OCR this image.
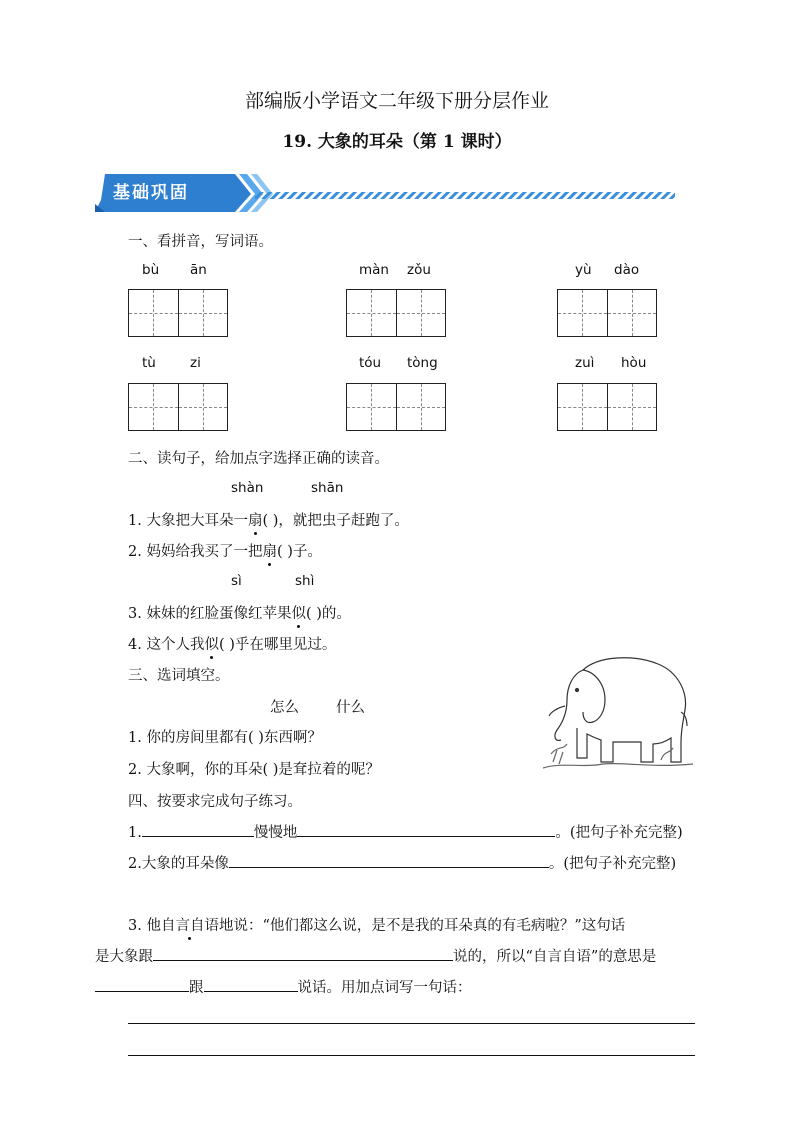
部编版小学语文二年级下册分层作业
19. 大象的耳朵（第 1 课时）
基础巩固
一、看拼音，写词语。
bù ān	màn zǒu	yù dào
tù	zi	tóu tòng	zuì hòu
二、读句子，给加点字选择正确的读音。
shàn	shān
1. 大象把大耳朵一扇( )，就把虫子赶跑了。
2. 妈妈给我买了一把扇( )子。
sì	shì
3. 妹妹的红脸蛋像红苹果似( )的。
4. 这个人我似( )乎在哪里见过。
三、选词填空。
怎么	什么
1. 你的房间里都有( )东西啊？
2. 大象啊，你的耳朵( )是耷拉着的呢？
四、按要求完成句子练习。
1.	慢慢地	。(把句子补充完整)
2.大象的耳朵像	。(把句子补充完整)
3. 他自言自语地说：“他们都这么说，是不是我的耳朵真的有毛病啦？”这句话
是大象跟	说的，所以“自言自语”的意思是
跟	说话。用加点词写一句话：
